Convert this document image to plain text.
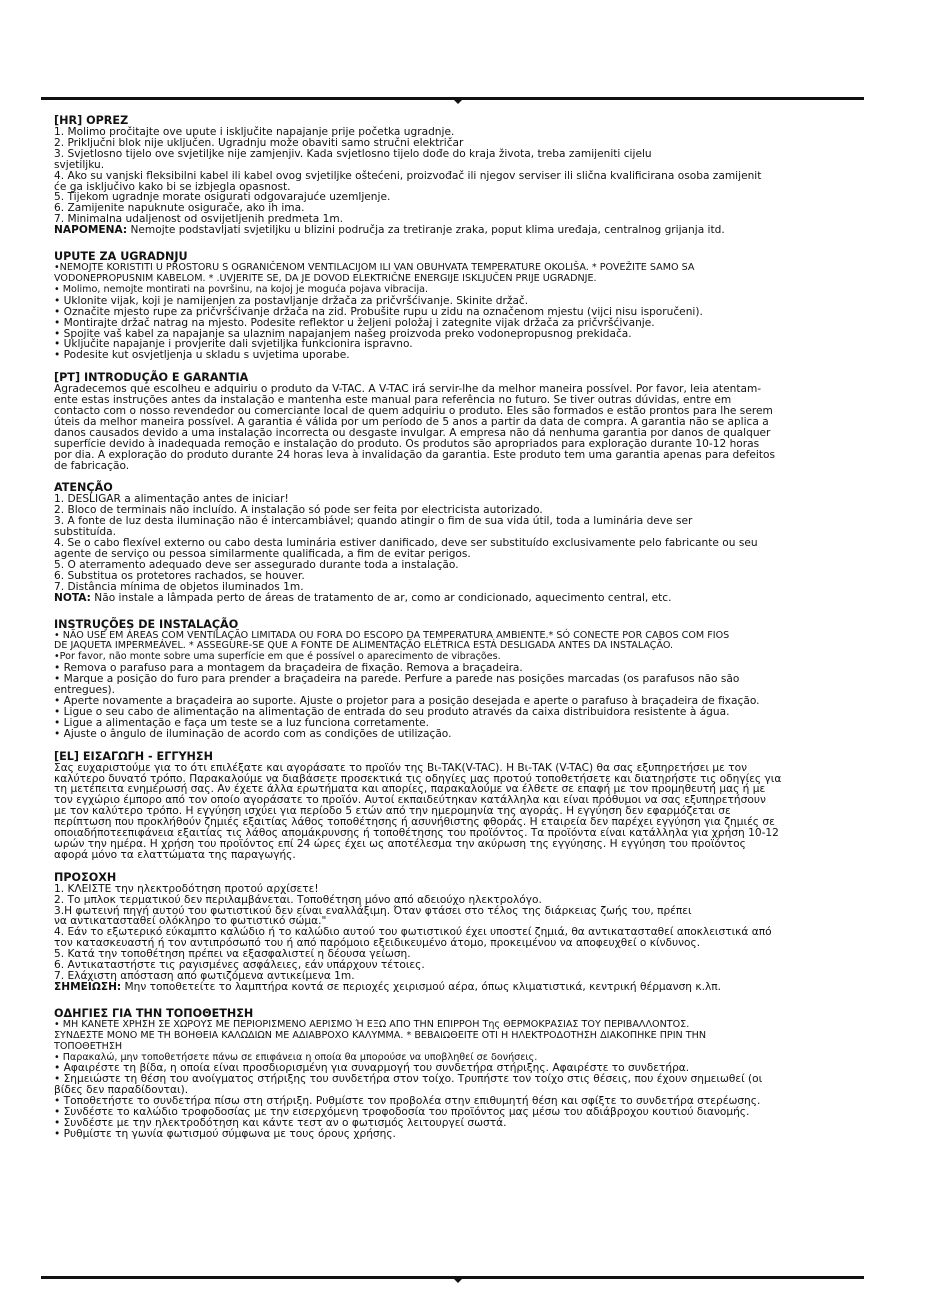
[HR] OPREZ
1. Molimo pročitajte ove upute i isključite napajanje prije početka ugradnje.
2. Priključni blok nije uključen. Ugradnju može obaviti samo stručni električar
3. Svjetlosno tijelo ove svjetiljke nije zamjenjiv. Kada svjetlosno tijelo dođe do kraja života, treba zamijeniti cijelu
svjetiljku.
4. Ako su vanjski fleksibilni kabel ili kabel ovog svjetiljke oštećeni, proizvođač ili njegov serviser ili slična kvalificirana osoba zamijenit
će ga isključivo kako bi se izbjegla opasnost.
5. Tijekom ugradnje morate osigurati odgovarajuće uzemljenje.
6. Zamijenite napuknute osigurače, ako ih ima.
7. Minimalna udaljenost od osvijetljenih predmeta 1m.
NAPOMENA: Nemojte podstavljati svjetiljku u blizini područja za tretiranje zraka, poput klima uređaja, centralnog grijanja itd.
UPUTE ZA UGRADNJU
•NEMOJTE KORISTITI U PROSTORU S OGRANIČENOM VENTILACIJOM ILI VAN OBUHVATA TEMPERATURE OKOLIŠA. * POVEŽITE SAMO SA
VODONEPROPUSNIM KABELOM. * .UVJERITE SE, DA JE DOVOD ELEKTRIČNE ENERGIJE ISKLJUČEN PRIJE UGRADNJE.
• Molimo, nemojte montirati na površinu, na kojoj je moguća pojava vibracija.
• Uklonite vijak, koji je namijenjen za postavljanje držača za pričvršćivanje. Skinite držač.
• Označite mjesto rupe za pričvršćivanje držača na zid. Probušite rupu u zidu na označenom mjestu (vijci nisu isporučeni).
• Montirajte držač natrag na mjesto. Podesite reflektor u željeni položaj i zategnite vijak držača za pričvršćivanje.
• Spojite vaš kabel za napajanje sa ulaznim napajanjem našeg proizvoda preko vodonepropusnog prekidača.
• Uključite napajanje i provjerite dali svjetiljka funkcionira ispravno.
• Podesite kut osvjetljenja u skladu s uvjetima uporabe.
[PT] INTRODUÇÃO E GARANTIA
Agradecemos que escolheu e adquiriu o produto da V-TAC. A V-TAC irá servir-lhe da melhor maneira possível. Por favor, leia atentam-
ente estas instruções antes da instalação e mantenha este manual para referência no futuro. Se tiver outras dúvidas, entre em
contacto com o nosso revendedor ou comerciante local de quem adquiriu o produto. Eles são formados e estão prontos para lhe serem
úteis da melhor maneira possível. A garantia é válida por um período de 5 anos a partir da data de compra. A garantia não se aplica a
danos causados devido a uma instalação incorrecta ou desgaste invulgar. A empresa não dá nenhuma garantia por danos de qualquer
superfície devido à inadequada remoção e instalação do produto. Os produtos são apropriados para exploração durante 10-12 horas
por dia. A exploração do produto durante 24 horas leva à invalidação da garantia. Este produto tem uma garantia apenas para defeitos
de fabricação.
ATENÇÃO
1. DESLIGAR a alimentação antes de iniciar!
2. Bloco de terminais não incluído. A instalação só pode ser feita por electricista autorizado.
3. A fonte de luz desta iluminação não é intercambiável; quando atingir o fim de sua vida útil, toda a luminária deve ser
substituída.
4. Se o cabo flexível externo ou cabo desta luminária estiver danificado, deve ser substituído exclusivamente pelo fabricante ou seu
agente de serviço ou pessoa similarmente qualificada, a fim de evitar perigos.
5. O aterramento adequado deve ser assegurado durante toda a instalação.
6. Substitua os protetores rachados, se houver.
7. Distância mínima de objetos iluminados 1m.
NOTA: Não instale a lâmpada perto de áreas de tratamento de ar, como ar condicionado, aquecimento central, etc.
INSTRUÇÕES DE INSTALAÇÃO
• NÃO USE EM ÁREAS COM VENTILAÇÃO LIMITADA OU FORA DO ESCOPO DA TEMPERATURA AMBIENTE.* SÓ CONECTE POR CABOS COM FIOS
DE JAQUETA IMPERMEÁVEL. * ASSEGURE-SE QUE A FONTE DE ALIMENTAÇÃO ELÉTRICA ESTÁ DESLIGADA ANTES DA INSTALAÇÃO.
•Por favor, não monte sobre uma superfície em que é possível o aparecimento de vibrações.
• Remova o parafuso para a montagem da braçadeira de fixação. Remova a braçadeira.
• Marque a posição do furo para prender a braçadeira na parede. Perfure a parede nas posições marcadas (os parafusos não são
entregues).
• Aperte novamente a braçadeira ao suporte. Ajuste o projetor para a posição desejada e aperte o parafuso à braçadeira de fixação.
• Ligue o seu cabo de alimentação na alimentação de entrada do seu produto através da caixa distribuidora resistente à água.
• Ligue a alimentação e faça um teste se a luz funciona corretamente.
• Ajuste o ângulo de iluminação de acordo com as condições de utilização.
[EL] ΕΙΣΑΓΩΓΗ - ΕΓΓΥΗΣΗ
Σας ευχαριστούμε για το ότι επιλέξατε και αγοράσατε το προϊόν της Bι-TAK(V-TAC). Η Bι-TAK (V-TAC) θα σας εξυπηρετήσει με τον
καλύτερο δυνατό τρόπο. Παρακαλούμε να διαβάσετε προσεκτικά τις οδηγίες μας προτού τοποθετήσετε και διατηρήστε τις οδηγίες για
τη μετέπειτα ενημέρωσή σας. Αν έχετε άλλα ερωτήματα και απορίες, παρακαλούμε να έλθετε σε επαφή με τον προμηθευτή μας ή με
τον εγχώριο έμπορο από τον οποίο αγοράσατε το προϊόν. Αυτοί εκπαιδεύτηκαν κατάλληλα και είναι πρόθυμοι να σας εξυπηρετήσουν
με τον καλύτερο τρόπο. Η εγγύηση ισχύει για περίοδο 5 ετών από την ημερομηνία της αγοράς. Η εγγύηση δεν εφαρμόζεται σε
περίπτωση που προκλήθούν ζημιές εξαιτίας λάθος τοποθέτησης ή ασυνήθιστης φθοράς. Η εταιρεία δεν παρέχει εγγύηση για ζημιές σε
οποιαδήποτεεπιφάνεια εξαιτίας τις λάθος απομάκρυνσης ή τοποθέτησης του προϊόντος. Τα προϊόντα είναι κατάλληλα για χρήση 10-12
ωρών την ημέρα. Η χρήση του προϊόντος επί 24 ώρες έχει ως αποτέλεσμα την ακύρωση της εγγύησης. Η εγγύηση του προϊόντος
αφορά μόνο τα ελαττώματα της παραγωγής.
ΠΡΟΣΟΧΗ
1. ΚΛΕΙΣΤΕ την ηλεκτροδότηση προτού αρχίσετε!
2. Το μπλοκ τερματικού δεν περιλαμβάνεται. Τοποθέτηση μόνο από αδειούχο ηλεκτρολόγο.
3.Η φωτεινή πηγή αυτού του φωτιστικού δεν είναι εναλλάξιμη. Όταν φτάσει στο τέλος της διάρκειας ζωής του, πρέπει
να αντικατασταθεί ολόκληρο το φωτιστικό σώμα."
4. Εάν το εξωτερικό εύκαμπτο καλώδιο ή το καλώδιο αυτού του φωτιστικού έχει υποστεί ζημιά, θα αντικατασταθεί αποκλειστικά από
τον κατασκευαστή ή τον αντιπρόσωπό του ή από παρόμοιο εξειδικευμένο άτομο, προκειμένου να αποφευχθεί ο κίνδυνος.
5. Κατά την τοποθέτηση πρέπει να εξασφαλιστεί η δέουσα γείωση.
6. Αντικαταστήστε τις ραγισμένες ασφάλειες, εάν υπάρχουν τέτοιες.
7. Ελάχιστη απόσταση από φωτιζόμενα αντικείμενα 1m.
ΣΗΜΕΙΩΣΗ: Μην τοποθετείτε το λαμπτήρα κοντά σε περιοχές χειρισμού αέρα, όπως κλιματιστικά, κεντρική θέρμανση κ.λπ.
ΟΔΗΓΙΕΣ ΓΙΑ ΤΗΝ ΤΟΠΟΘΕΤΗΣΗ
• ΜΗ ΚΑΝΕΤΕ ΧΡΗΣΗ ΣΕ ΧΩΡΟΥΣ ΜΕ ΠΕΡΙΟΡΙΣΜΕΝΟ ΑΕΡΙΣΜΟ Ή ΕΞΩ ΑΠΟ ΤΗΝ ΕΠΙΡΡΟΗ Της ΘΕΡΜΟΚΡΑΣΙΑΣ ΤΟΥ ΠΕΡΙΒΑΛΛΟΝΤΟΣ.
ΣΥΝΔΕΣΤΕ ΜΟΝΟ ΜΕ ΤΗ ΒΟΗΘΕΙΑ ΚΑΛΩΔΙΩΝ ΜΕ ΑΔΙΑΒΡΟΧΟ ΚΑΛΥΜΜΑ. * ΒΕΒΑΙΩΘΕΙΤΕ ΟΤΙ Η ΗΛΕΚΤΡΟΔΟΤΗΣΗ ΔΙΑΚΟΠΗΚΕ ΠΡΙΝ ΤΗΝ
ΤΟΠΟΘΕΤΗΣΗ
• Παρακαλώ, μην τοποθετήσετε πάνω σε επιφάνεια η οποία θα μπορούσε να υποβληθεί σε δονήσεις.
• Αφαιρέστε τη βίδα, η οποία είναι προσδιορισμένη για συναρμογή του συνδετήρα στήριξης. Αφαιρέστε το συνδετήρα.
• Σημειώστε τη θέση του ανοίγματος στήριξης του συνδετήρα στον τοίχο. Τρυπήστε τον τοίχο στις θέσεις, που έχουν σημειωθεί (οι
βίδες δεν παραδίδονται).
• Τοποθετήστε το συνδετήρα πίσω στη στήριξη. Ρυθμίστε τον προβολέα στην επιθυμητή θέση και σφίξτε το συνδετήρα στερέωσης.
• Συνδέστε το καλώδιο τροφοδοσίας με την εισερχόμενη τροφοδοσία του προϊόντος μας μέσω του αδιάβροχου κουτιού διανομής.
• Συνδέστε με την ηλεκτροδότηση και κάντε τεστ αν ο φωτισμός λειτουργεί σωστά.
• Ρυθμίστε τη γωνία φωτισμού σύμφωνα με τους όρους χρήσης.
